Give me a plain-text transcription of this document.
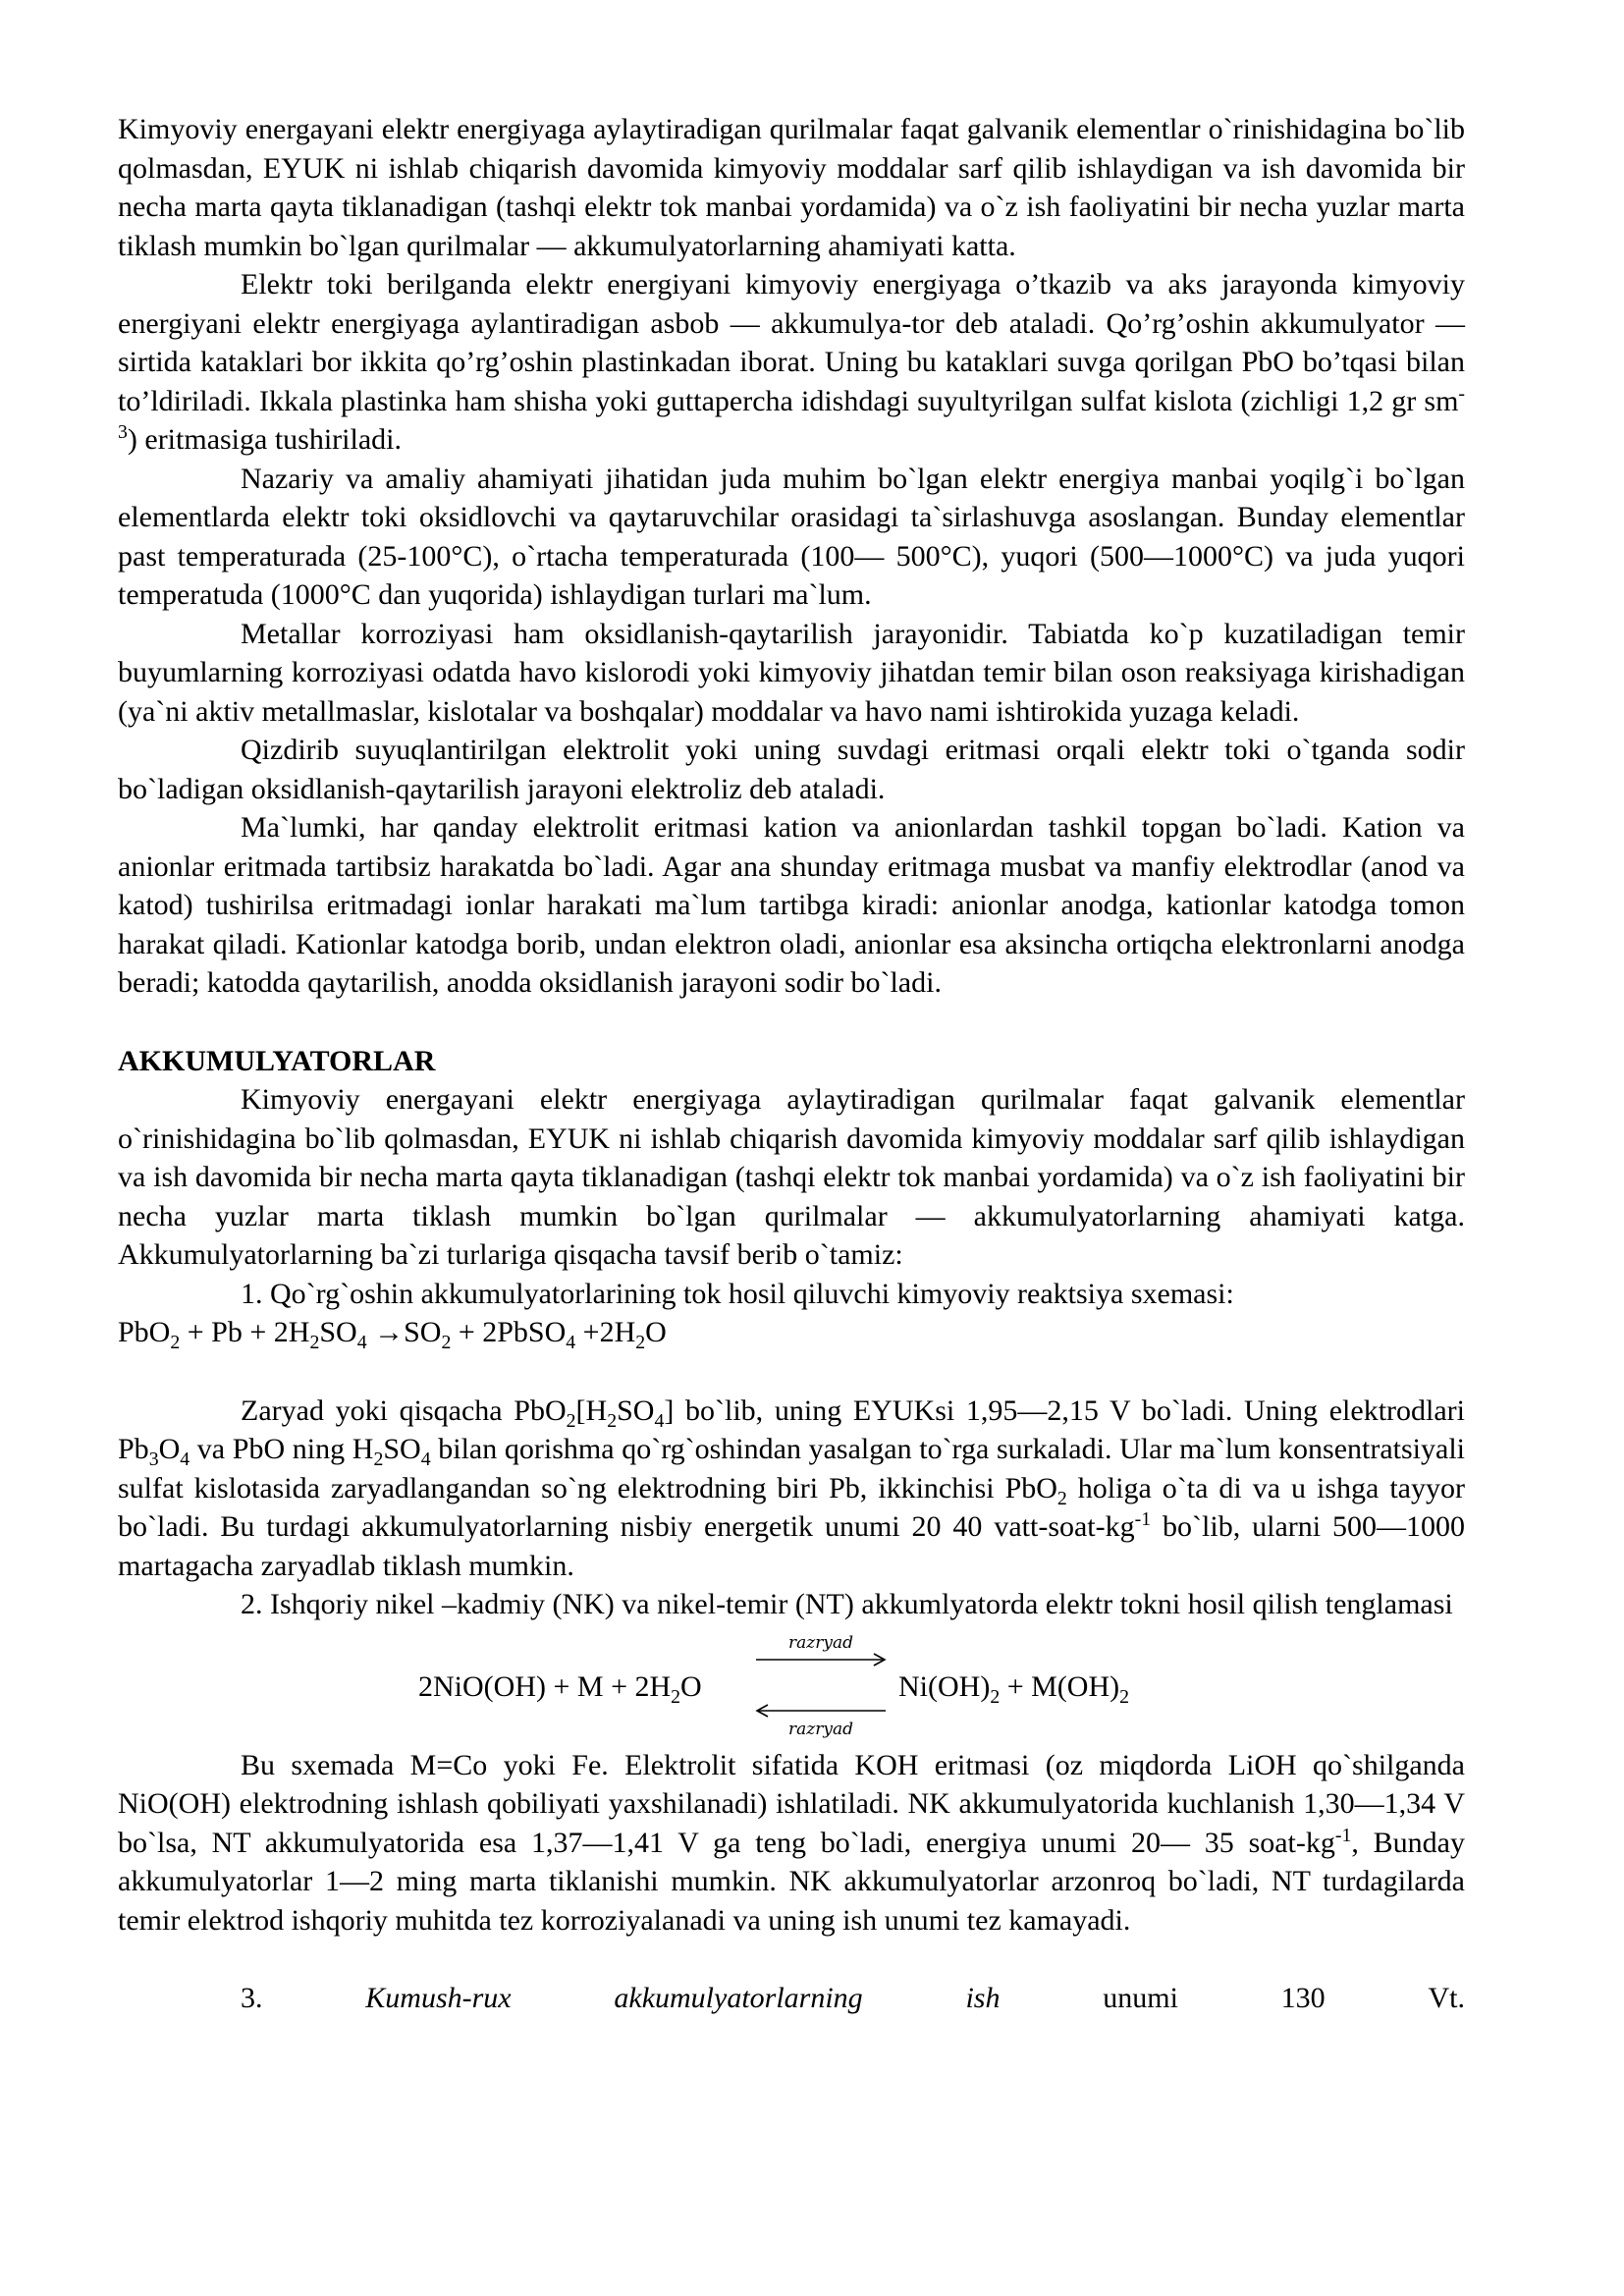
Kimyoviy energayani elektr energiyaga aylaytiradigan qurilmalar faqat galvanik elementlar o`rinishidagina bo`lib qolmasdan, EYUK ni ishlab chiqarish davomida kimyoviy moddalar sarf qilib ishlaydigan va ish davomida bir necha marta qayta tiklanadigan (tashqi elektr tok manbai yordamida) va o`z ish faoliyatini bir necha yuzlar marta tiklash mumkin bo`lgan qurilmalar — akkumulyatorlarning ahamiyati katta.

Elektr toki berilganda elektr energiyani kimyoviy energiyaga o’tkazib va aks jarayonda kimyoviy energiyani elektr energiyaga aylantiradigan asbob — akkumulya-tor deb ataladi. Qo’rg’oshin akkumulyator — sirtida kataklari bor ikkita qo’rg’oshin plastinkadan iborat. Uning bu kataklari suvga qorilgan PbO bo’tqasi bilan to’ldiriladi. Ikkala plastinka ham shisha yoki guttapercha idishdagi suyultyrilgan sulfat kislota (zichligi 1,2 gr $sm^{-3}$) eritmasiga tushiriladi.

Nazariy va amaliy ahamiyati jihatidan juda muhim bo`lgan elektr energiya manbai yoqilg`i bo`lgan elementlarda elektr toki oksidlovchi va qaytaruvchilar orasidagi ta`sirlashuvga asoslangan. Bunday elementlar past temperaturada (25-100°C), o`rtacha temperaturada (100— 500°C), yuqori (500—1000°C) va juda yuqori temperatuda (1000°C dan yuqorida) ishlaydigan turlari ma`lum.

Metallar korroziyasi ham oksidlanish-qaytarilish jarayonidir. Tabiatda ko`p kuzatiladigan temir buyumlarning korroziyasi odatda havo kislorodi yoki kimyoviy jihatdan temir bilan oson reaksiyaga kirishadigan (ya`ni aktiv metallmaslar, kislotalar va boshqalar) moddalar va havo nami ishtirokida yuzaga keladi.

Qizdirib suyuqlantirilgan elektrolit yoki uning suvdagi eritmasi orqali elektr toki o`tganda sodir bo`ladigan oksidlanish-qaytarilish jarayoni elektroliz deb ataladi.

Ma`lumki, har qanday elektrolit eritmasi kation va anionlardan tashkil topgan bo`ladi. Kation va anionlar eritmada tartibsiz harakatda bo`ladi. Agar ana shunday eritmaga musbat va manfiy elektrodlar (anod va katod) tushirilsa eritmadagi ionlar harakati ma`lum tartibga kiradi: anionlar anodga, kationlar katodga tomon harakat qiladi. Kationlar katodga borib, undan elektron oladi, anionlar esa aksincha ortiqcha elektronlarni anodga beradi; katodda qaytarilish, anodda oksidlanish jarayoni sodir bo`ladi.

AKKUMULYATORLAR

Kimyoviy energayani elektr energiyaga aylaytiradigan qurilmalar faqat galvanik elementlar o`rinishidagina bo`lib qolmasdan, EYUK ni ishlab chiqarish davomida kimyoviy moddalar sarf qilib ishlaydigan va ish davomida bir necha marta qayta tiklanadigan (tashqi elektr tok manbai yordamida) va o`z ish faoliyatini bir necha yuzlar marta tiklash mumkin bo`lgan qurilmalar — akkumulyatorlarning ahamiyati katga. Akkumulyatorlarning ba`zi turlariga qisqacha tavsif berib o`tamiz:

1. Qo`rg`oshin akkumulyatorlarining tok hosil qiluvchi kimyoviy reaktsiya sxemasi:

$PbO_2 + Pb + 2H_2SO_4 \to SO_2$ + 2PbSO$_4$ $+2H_2O$

Zaryad yoki qisqacha $PbO_2[H_2SO_4]$ bo`lib, uning EYUKsi 1,95—2,15 V bo`ladi. Uning elektrodlari $Pb_3O_4$ va PbO ning $H_2SO_4$ bilan qorishma qo`rg`oshindan yasalgan to`rga surkaladi. Ular ma`lum konsentratsiyali sulfat kislotasida zaryadlangandan so`ng elektrodning biri Pb, ikkinchisi PbO$_2$ holiga o`ta di va u ishga tayyor bo`ladi. Bu turdagi akkumulyatorlarning nisbiy energetik unumi 20 40 vatt-$soat-kg^{-1}$ bo`lib, ularni 500—1000 martagacha zaryadlab tiklash mumkin.

2. Ishqoriy nikel –kadmiy (NK) va nikel-temir (NT) akkumlyatorda elektr tokni hosil qilish tenglamasi

$2NiO(OH) + M + 2H_2O$
razryad
razryad
$Ni(OH)_2 + M(OH)_2$

Bu sxemada M=Co yoki Fe. Elektrolit sifatida KOH eritmasi (oz miqdorda LiOH qo`shilganda NiO(OH) elektrodning ishlash qobiliyati yaxshilanadi) ishlatiladi. NK akkumulyatorida kuchlanish 1,30—1,34 V bo`lsa, NT akkumulyatorida esa 1,37—1,41 V ga teng bo`ladi, energiya unumi 20— 35 soat-$kg^{-1}$, Bunday akkumulyatorlar 1—2 ming marta tiklanishi mumkin. NK akkumulyatorlar arzonroq bo`ladi, NT turdagilarda temir elektrod ishqoriy muhitda tez korroziyalanadi va uning ish unumi tez kamayadi.

3.	Kumush-rux	akkumulyatorlarning	ish	unumi	130	Vt.
